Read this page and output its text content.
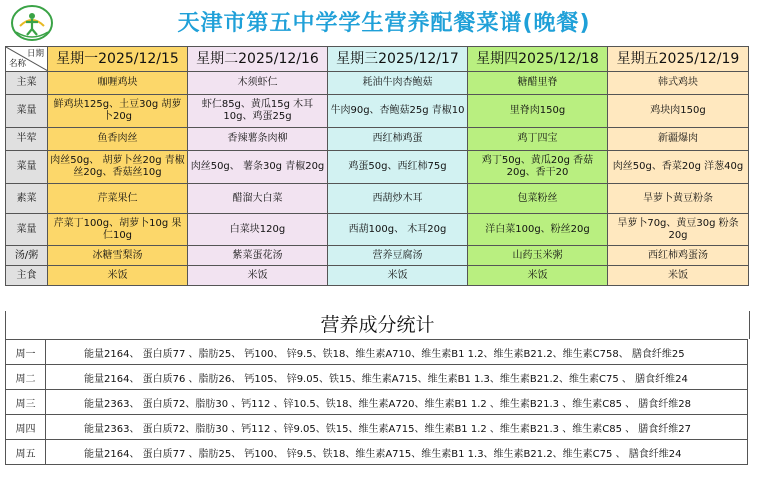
天津市第五中学学生营养配餐菜谱(晚餐)
日期
名称	星期一2025/12/15	星期二2025/12/16	星期三2025/12/17	星期四2025/12/18	星期五2025/12/19
主菜	咖喱鸡块	木须虾仁	耗油牛肉杏鲍菇	糖醋里脊	韩式鸡块
菜量	鲜鸡块125g、土豆30g 胡萝卜20g	虾仁85g、黄瓜15g 木耳10g、鸡蛋25g	牛肉90g、杏鲍菇25g 青椒10	里脊肉150g	鸡块肉150g
半荤	鱼香肉丝	香辣薯条肉柳	西红柿鸡蛋	鸡丁四宝	新疆爆肉
菜量	肉丝50g、 胡萝卜丝20g 青椒丝20g、香菇丝10g	肉丝50g、 薯条30g 青椒20g	鸡蛋50g、西红柿75g	鸡丁50g、黄瓜20g 香菇20g、香干20	肉丝50g、香菜20g 洋葱40g
素菜	芹菜果仁	醋溜大白菜	西葫炒木耳	包菜粉丝	旱萝卜黄豆粉条
菜量	芹菜丁100g、胡萝卜10g 果仁10g	白菜块120g	西葫100g、 木耳20g	洋白菜100g、粉丝20g	旱萝卜70g、黄豆30g 粉条20g
汤/粥	冰糖雪梨汤	紫菜蛋花汤	营养豆腐汤	山药玉米粥	西红柿鸡蛋汤
主食	米饭	米饭	米饭	米饭	米饭
营养成分统计
周一	能量2164、 蛋白质77 、脂肪25、 钙100、 锌9.5、铁18、维生素A710、维生素B1 1.2、维生素B21.2、维生素C758、 膳食纤维25
周二	能量2164、 蛋白质76 、脂肪26、 钙105、 锌9.05、铁15、维生素A715、维生素B1 1.3、维生素B21.2、维生素C75 、 膳食纤维24
周三	能量2363、 蛋白质72、脂肪30 、钙112 、锌10.5、铁18、维生素A720、维生素B1 1.2 、维生素B21.3 、维生素C85 、 膳食纤维28
周四	能量2363、 蛋白质72、脂肪30 、钙112 、锌9.05、铁15、维生素A715、维生素B1 1.2 、维生素B21.3 、维生素C85 、 膳食纤维27
周五	能量2164、 蛋白质77 、脂肪25、 钙100、 锌9.5、铁18、维生素A715、维生素B1 1.3、维生素B21.2、维生素C75 、 膳食纤维24
